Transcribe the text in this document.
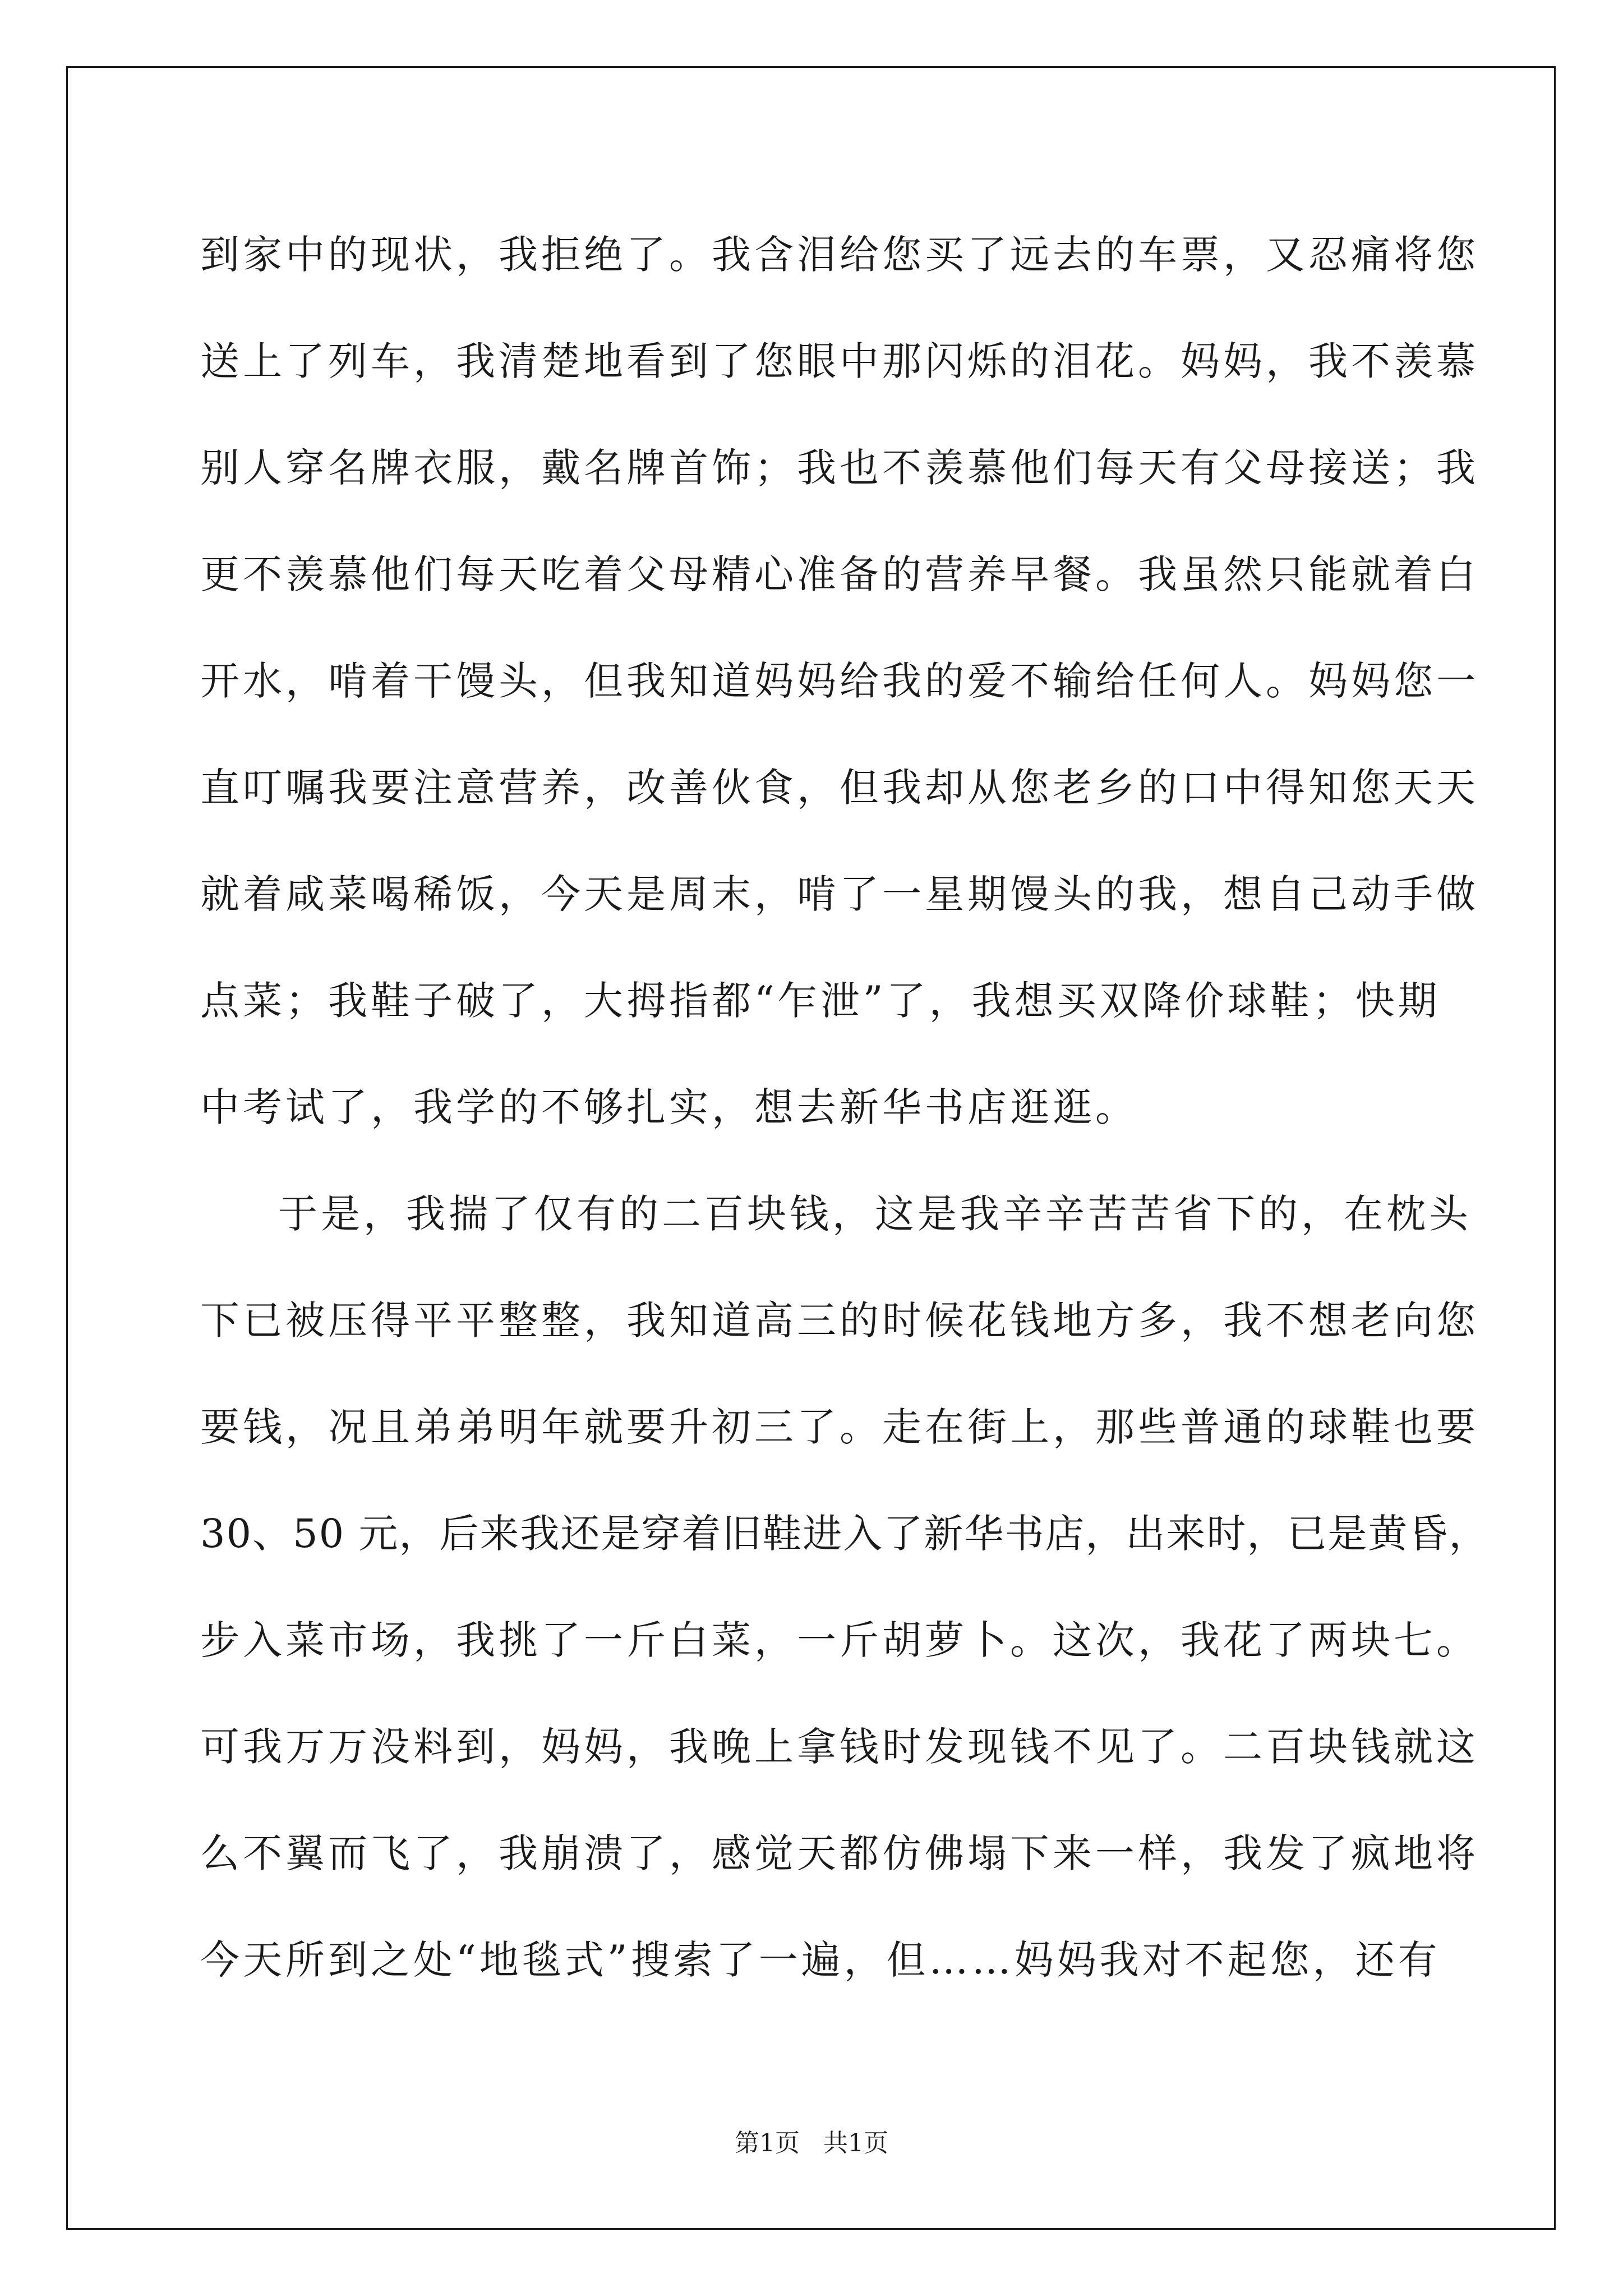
到家中的现状，我拒绝了。我含泪给您买了远去的车票，又忍痛将您

送上了列车，我清楚地看到了您眼中那闪烁的泪花。妈妈，我不羡慕

别人穿名牌衣服，戴名牌首饰；我也不羡慕他们每天有父母接送；我

更不羡慕他们每天吃着父母精心准备的营养早餐。我虽然只能就着白

开水，啃着干馒头，但我知道妈妈给我的爱不输给任何人。妈妈您一

直叮嘱我要注意营养，改善伙食，但我却从您老乡的口中得知您天天

就着咸菜喝稀饭，今天是周末，啃了一星期馒头的我，想自己动手做

点菜；我鞋子破了，大拇指都“乍泄”了，我想买双降价球鞋；快期

中考试了，我学的不够扎实，想去新华书店逛逛。

于是，我揣了仅有的二百块钱，这是我辛辛苦苦省下的，在枕头

下已被压得平平整整，我知道高三的时候花钱地方多，我不想老向您

要钱，况且弟弟明年就要升初三了。走在街上，那些普通的球鞋也要

30、50 元，后来我还是穿着旧鞋进入了新华书店，出来时，已是黄昏，

步入菜市场，我挑了一斤白菜，一斤胡萝卜。这次，我花了两块七。

可我万万没料到，妈妈，我晚上拿钱时发现钱不见了。二百块钱就这

么不翼而飞了，我崩溃了，感觉天都仿佛塌下来一样，我发了疯地将

今天所到之处“地毯式”搜索了一遍，但……妈妈我对不起您，还有

第1页   共1页
